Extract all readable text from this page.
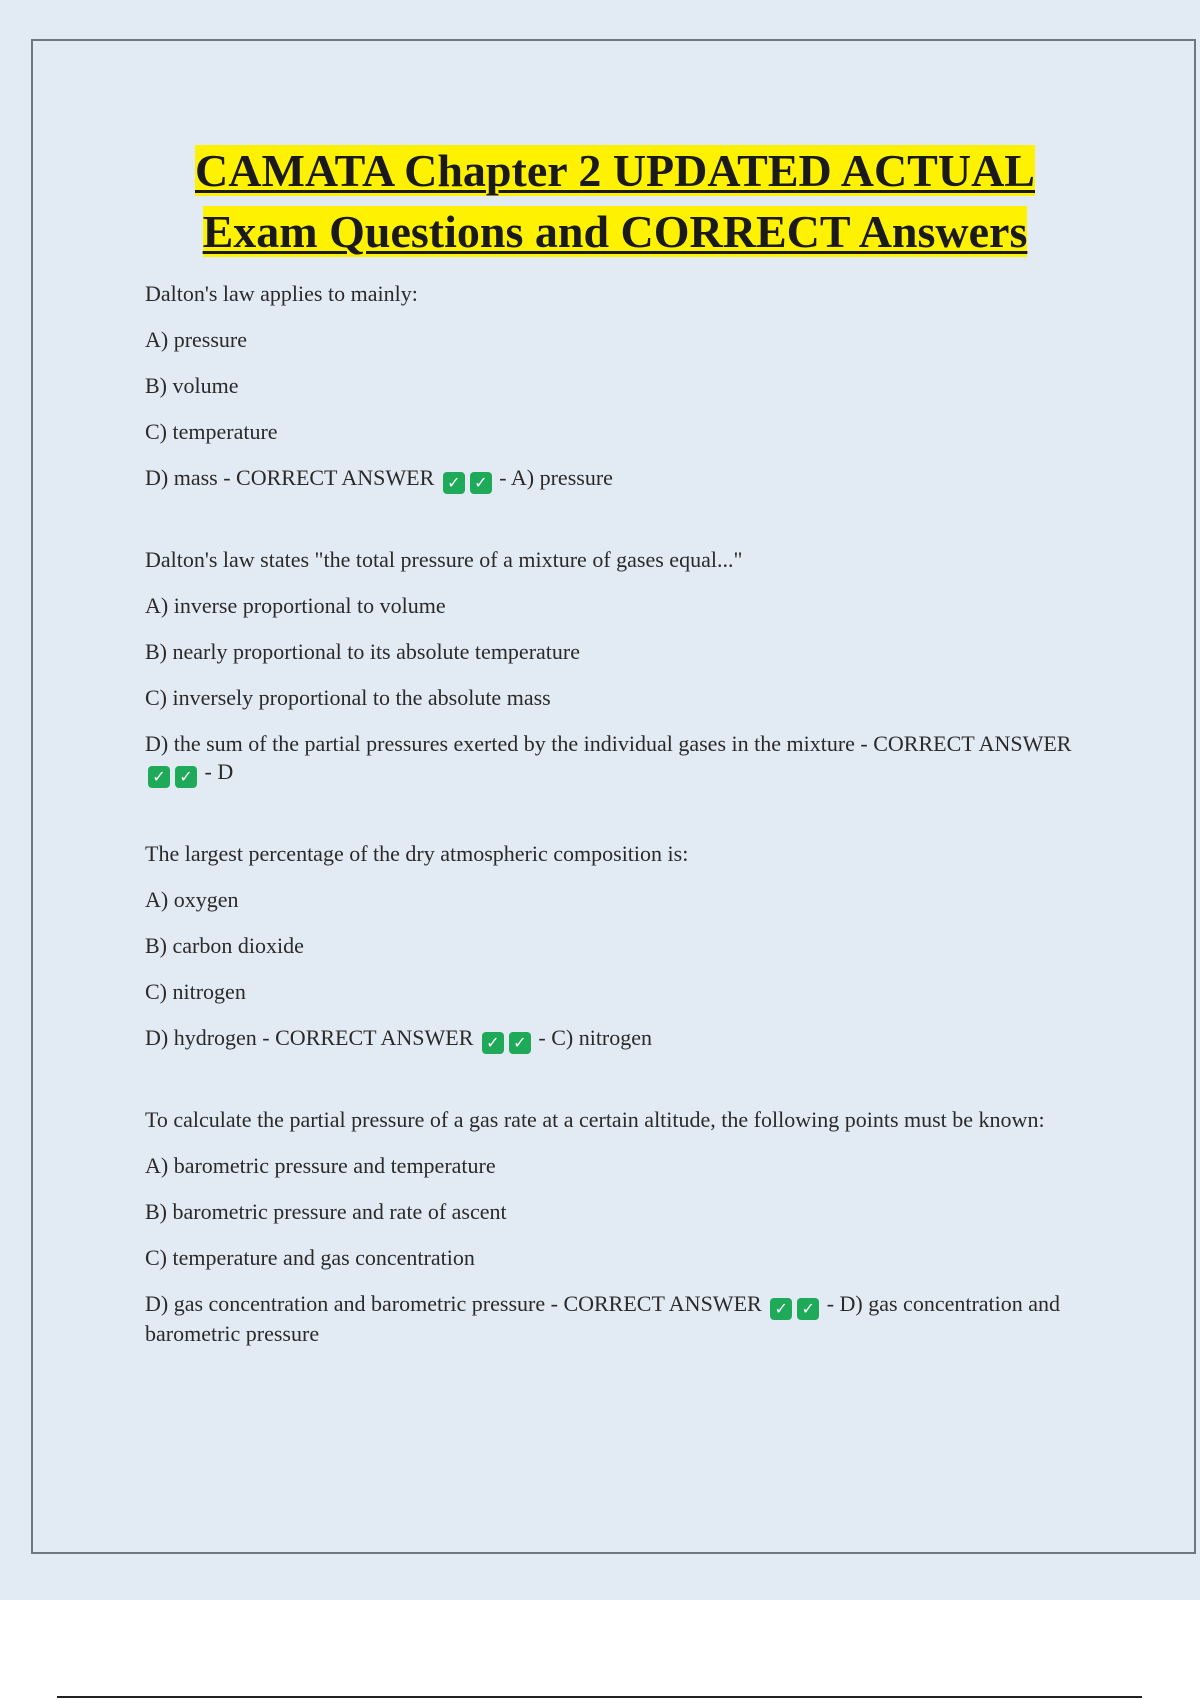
CAMATA Chapter 2 UPDATED ACTUAL
Exam Questions and CORRECT Answers

Dalton's law applies to mainly:

A) pressure

B) volume

C) temperature

D) mass - CORRECT ANSWER ✓ ✓ - A) pressure

Dalton's law states "the total pressure of a mixture of gases equal..."

A) inverse proportional to volume

B) nearly proportional to its absolute temperature

C) inversely proportional to the absolute mass

D) the sum of the partial pressures exerted by the individual gases in the mixture - CORRECT ANSWER ✓ ✓ - D

The largest percentage of the dry atmospheric composition is:

A) oxygen

B) carbon dioxide

C) nitrogen

D) hydrogen - CORRECT ANSWER ✓ ✓ - C) nitrogen

To calculate the partial pressure of a gas rate at a certain altitude, the following points must be known:

A) barometric pressure and temperature

B) barometric pressure and rate of ascent

C) temperature and gas concentration

D) gas concentration and barometric pressure - CORRECT ANSWER ✓ ✓ - D) gas concentration and barometric pressure
